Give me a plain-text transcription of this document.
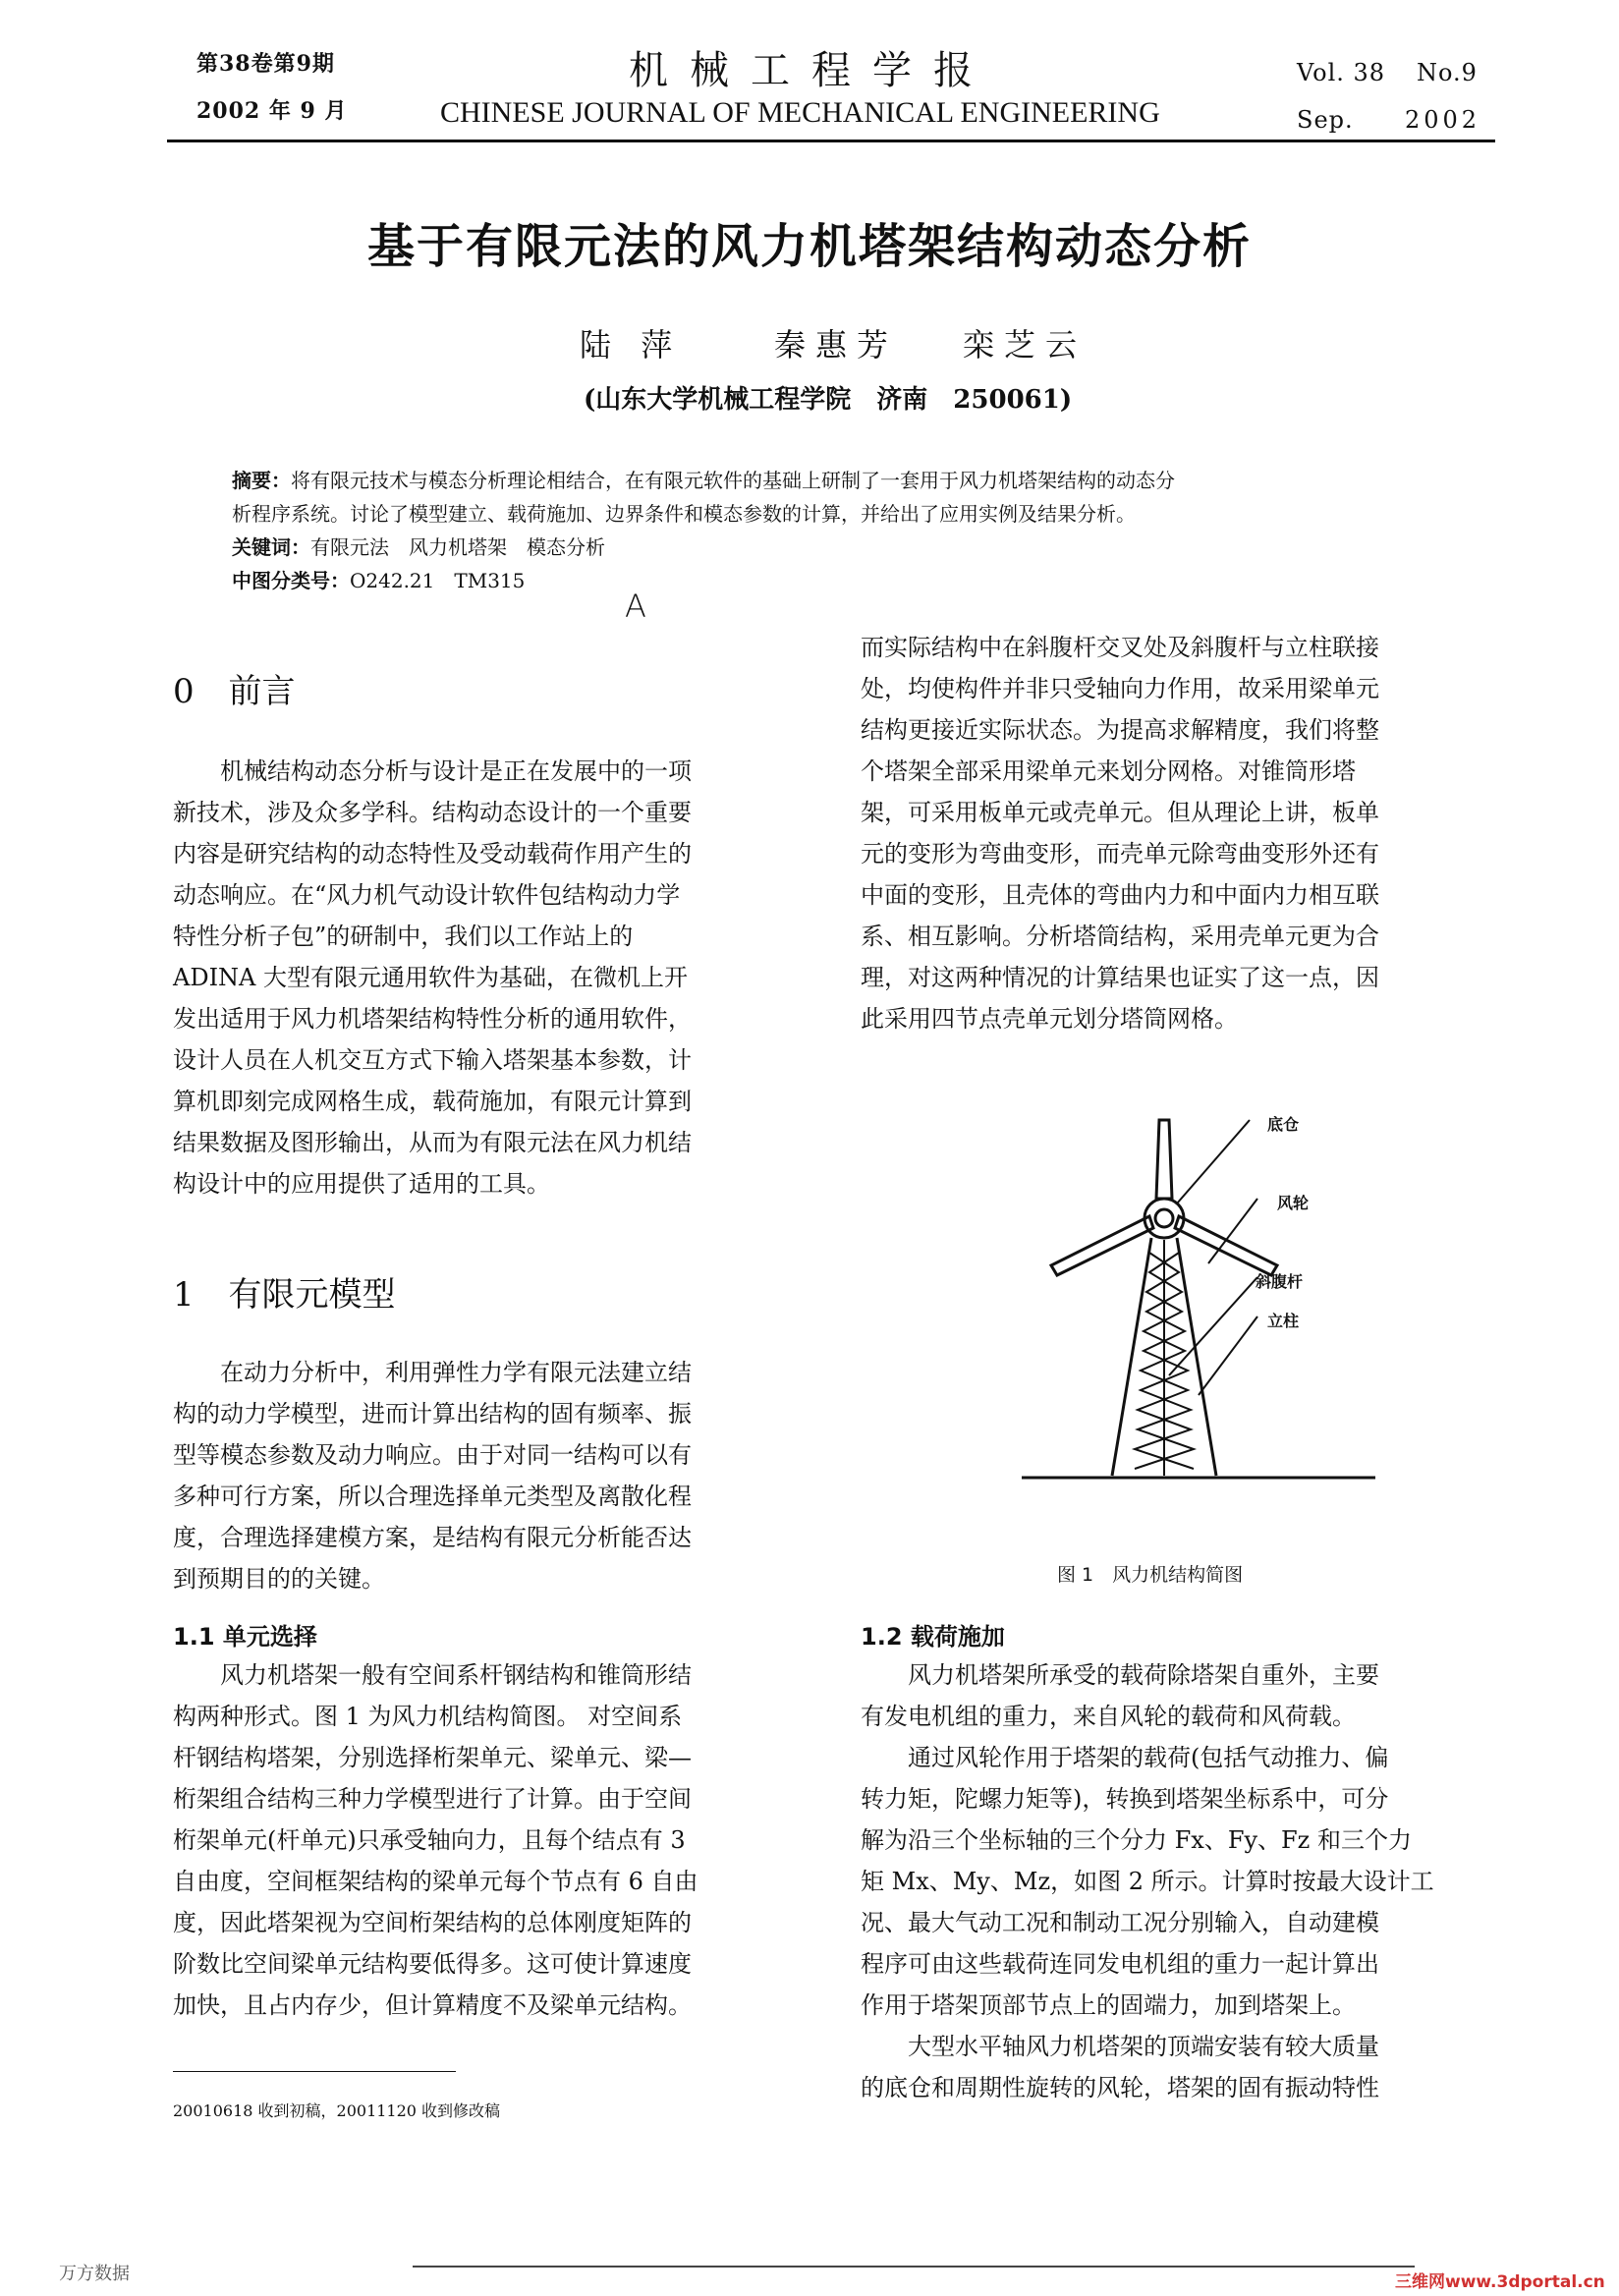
第38卷第9期
2002 年 9 月
机械工程学报
CHINESE JOURNAL OF MECHANICAL ENGINEERING
Vol. 38 No.9
Sep. 2002
基于有限元法的风力机塔架结构动态分析
陆 萍	秦惠芳 栾芝云
(山东大学机械工程学院　济南　250061)
摘要：将有限元技术与模态分析理论相结合，在有限元软件的基础上研制了一套用于风力机塔架结构的动态分
析程序系统。讨论了模型建立、载荷施加、边界条件和模态参数的计算，并给出了应用实例及结果分析。
关键词：有限元法　风力机塔架　模态分析
中图分类号：O242.21　TM315
A
0 前言
　　机械结构动态分析与设计是正在发展中的一项
新技术，涉及众多学科。结构动态设计的一个重要
内容是研究结构的动态特性及受动载荷作用产生的
动态响应。在“风力机气动设计软件包结构动力学
特性分析子包”的研制中，我们以工作站上的
ADINA 大型有限元通用软件为基础，在微机上开
发出适用于风力机塔架结构特性分析的通用软件，
设计人员在人机交互方式下输入塔架基本参数，计
算机即刻完成网格生成，载荷施加，有限元计算到
结果数据及图形输出，从而为有限元法在风力机结
构设计中的应用提供了适用的工具。
1 有限元模型
　　在动力分析中，利用弹性力学有限元法建立结
构的动力学模型，进而计算出结构的固有频率、振
型等模态参数及动力响应。由于对同一结构可以有
多种可行方案，所以合理选择单元类型及离散化程
度，合理选择建模方案，是结构有限元分析能否达
到预期目的的关键。
1.1 单元选择
　　风力机塔架一般有空间系杆钢结构和锥筒形结
构两种形式。图 1 为风力机结构简图。 对空间系
杆钢结构塔架，分别选择桁架单元、梁单元、梁—
桁架组合结构三种力学模型进行了计算。由于空间
桁架单元(杆单元)只承受轴向力，且每个结点有 3
自由度，空间框架结构的梁单元每个节点有 6 自由
度，因此塔架视为空间桁架结构的总体刚度矩阵的
阶数比空间梁单元结构要低得多。这可使计算速度
加快，且占内存少，但计算精度不及梁单元结构。
20010618 收到初稿，20011120 收到修改稿
而实际结构中在斜腹杆交叉处及斜腹杆与立柱联接
处，均使构件并非只受轴向力作用，故采用梁单元
结构更接近实际状态。为提高求解精度，我们将整
个塔架全部采用梁单元来划分网格。对锥筒形塔
架，可采用板单元或壳单元。但从理论上讲，板单
元的变形为弯曲变形，而壳单元除弯曲变形外还有
中面的变形，且壳体的弯曲内力和中面内力相互联
系、相互影响。分析塔筒结构，采用壳单元更为合
理，对这两种情况的计算结果也证实了这一点，因
此采用四节点壳单元划分塔筒网格。
底仓
风轮
斜腹杆
立柱
图 1　风力机结构简图
1.2 载荷施加
　　风力机塔架所承受的载荷除塔架自重外，主要
有发电机组的重力，来自风轮的载荷和风荷载。
　　通过风轮作用于塔架的载荷(包括气动推力、偏
转力矩，陀螺力矩等)，转换到塔架坐标系中，可分
解为沿三个坐标轴的三个分力 Fx、Fy、Fz 和三个力
矩 Mx、My、Mz，如图 2 所示。计算时按最大设计工
况、最大气动工况和制动工况分别输入，自动建模
程序可由这些载荷连同发电机组的重力一起计算出
作用于塔架顶部节点上的固端力，加到塔架上。
　　大型水平轴风力机塔架的顶端安装有较大质量
的底仓和周期性旋转的风轮，塔架的固有振动特性
万方数据	三维网www.3dportal.cn
